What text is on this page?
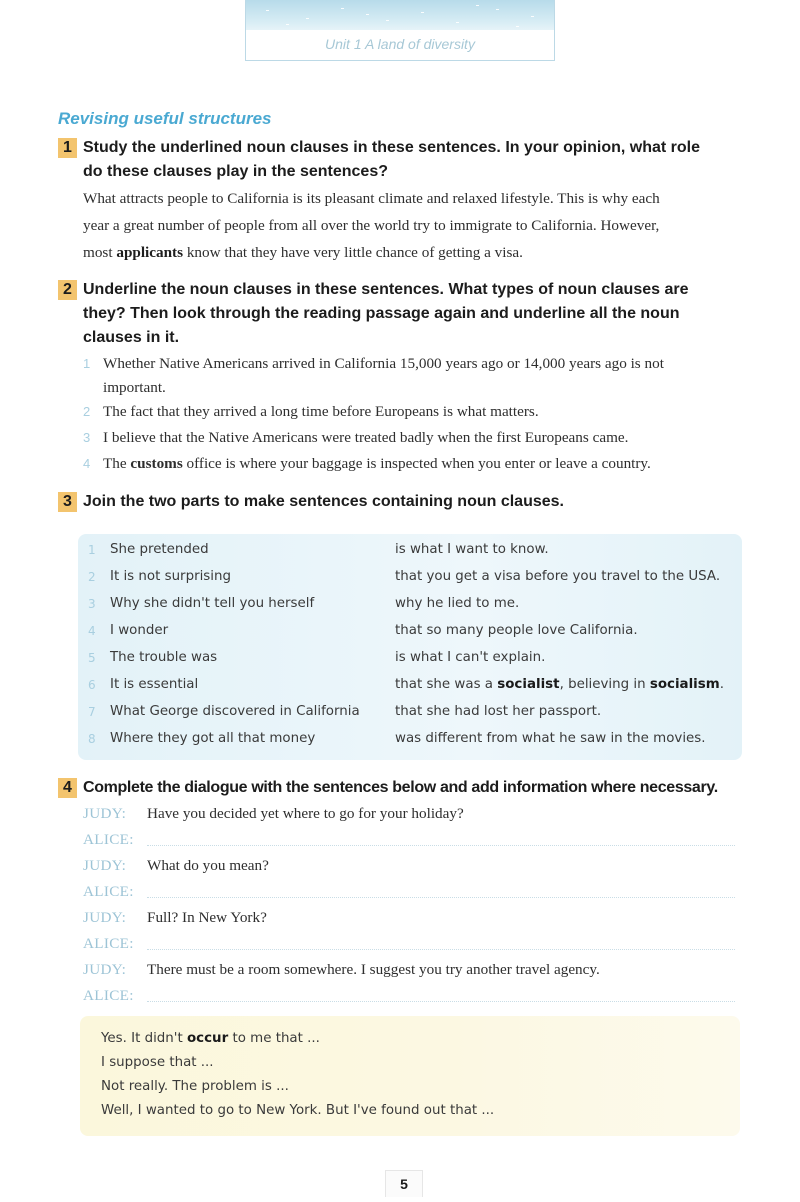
Unit 1 A land of diversity
Revising useful structures
1 Study the underlined noun clauses in these sentences. In your opinion, what role
do these clauses play in the sentences?
What attracts people to California is its pleasant climate and relaxed lifestyle. This is why each
year a great number of people from all over the world try to immigrate to California. However,
most applicants know that they have very little chance of getting a visa.
2 Underline the noun clauses in these sentences. What types of noun clauses are
they? Then look through the reading passage again and underline all the noun
clauses in it.
1 Whether Native Americans arrived in California 15,000 years ago or 14,000 years ago is not
important.
2 The fact that they arrived a long time before Europeans is what matters.
3 I believe that the Native Americans were treated badly when the first Europeans came.
4 The customs office is where your baggage is inspected when you enter or leave a country.
3 Join the two parts to make sentences containing noun clauses.
1 She pretended	is what I want to know.
2 It is not surprising	that you get a visa before you travel to the USA.
3 Why she didn't tell you herself	why he lied to me.
4 I wonder	that so many people love California.
5 The trouble was	is what I can't explain.
6 It is essential	that she was a socialist, believing in socialism.
7 What George discovered in California	that she had lost her passport.
8 Where they got all that money	was different from what he saw in the movies.
4 Complete the dialogue with the sentences below and add information where necessary.
JUDY: Have you decided yet where to go for your holiday?
ALICE:
JUDY: What do you mean?
ALICE:
JUDY: Full? In New York?
ALICE:
JUDY: There must be a room somewhere. I suggest you try another travel agency.
ALICE:
Yes. It didn't occur to me that ...
I suppose that ...
Not really. The problem is ...
Well, I wanted to go to New York. But I've found out that ...
5
